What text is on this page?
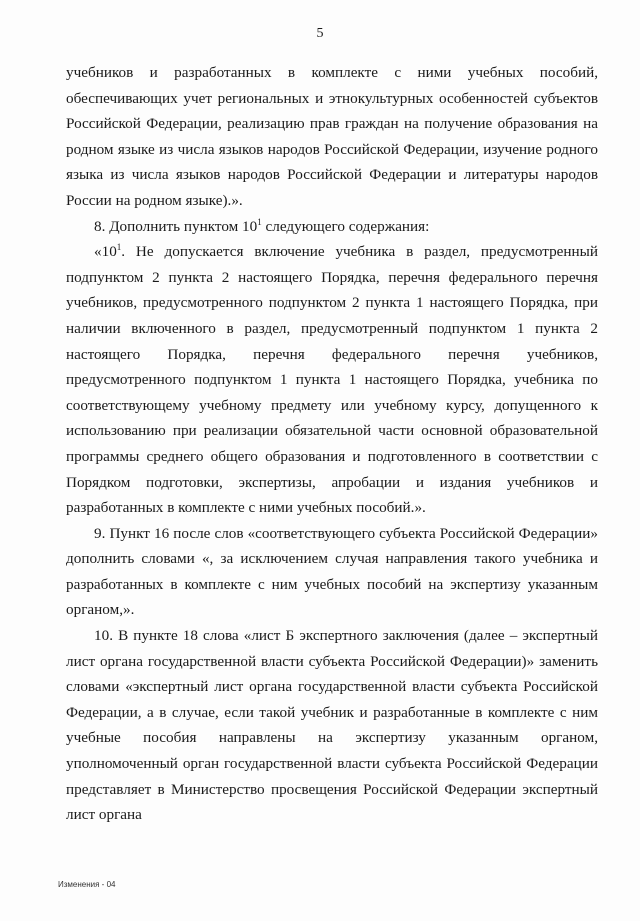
5

учебников и разработанных в комплекте с ними учебных пособий, обеспечивающих учет региональных и этнокультурных особенностей субъектов Российской Федерации, реализацию прав граждан на получение образования на родном языке из числа языков народов Российской Федерации, изучение родного языка из числа языков народов Российской Федерации и литературы народов России на родном языке).».

8. Дополнить пунктом $10^1$ следующего содержания:

«$10^1$. Не допускается включение учебника в раздел, предусмотренный подпунктом 2 пункта 2 настоящего Порядка, перечня федерального перечня учебников, предусмотренного подпунктом 2 пункта 1 настоящего Порядка, при наличии включенного в раздел, предусмотренный подпунктом 1 пункта 2 настоящего Порядка, перечня федерального перечня учебников, предусмотренного подпунктом 1 пункта 1 настоящего Порядка, учебника по соответствующему учебному предмету или учебному курсу, допущенного к использованию при реализации обязательной части основной образовательной программы среднего общего образования и подготовленного в соответствии с Порядком подготовки, экспертизы, апробации и издания учебников и разработанных в комплекте с ними учебных пособий.».

9. Пункт 16 после слов «соответствующего субъекта Российской Федерации» дополнить словами «, за исключением случая направления такого учебника и разработанных в комплекте с ним учебных пособий на экспертизу указанным органом,».

10. В пункте 18 слова «лист Б экспертного заключения (далее – экспертный лист органа государственной власти субъекта Российской Федерации)» заменить словами «экспертный лист органа государственной власти субъекта Российской Федерации, а в случае, если такой учебник и разработанные в комплекте с ним учебные пособия направлены на экспертизу указанным органом, уполномоченный орган государственной власти субъекта Российской Федерации представляет в Министерство просвещения Российской Федерации экспертный лист органа

Изменения - 04
